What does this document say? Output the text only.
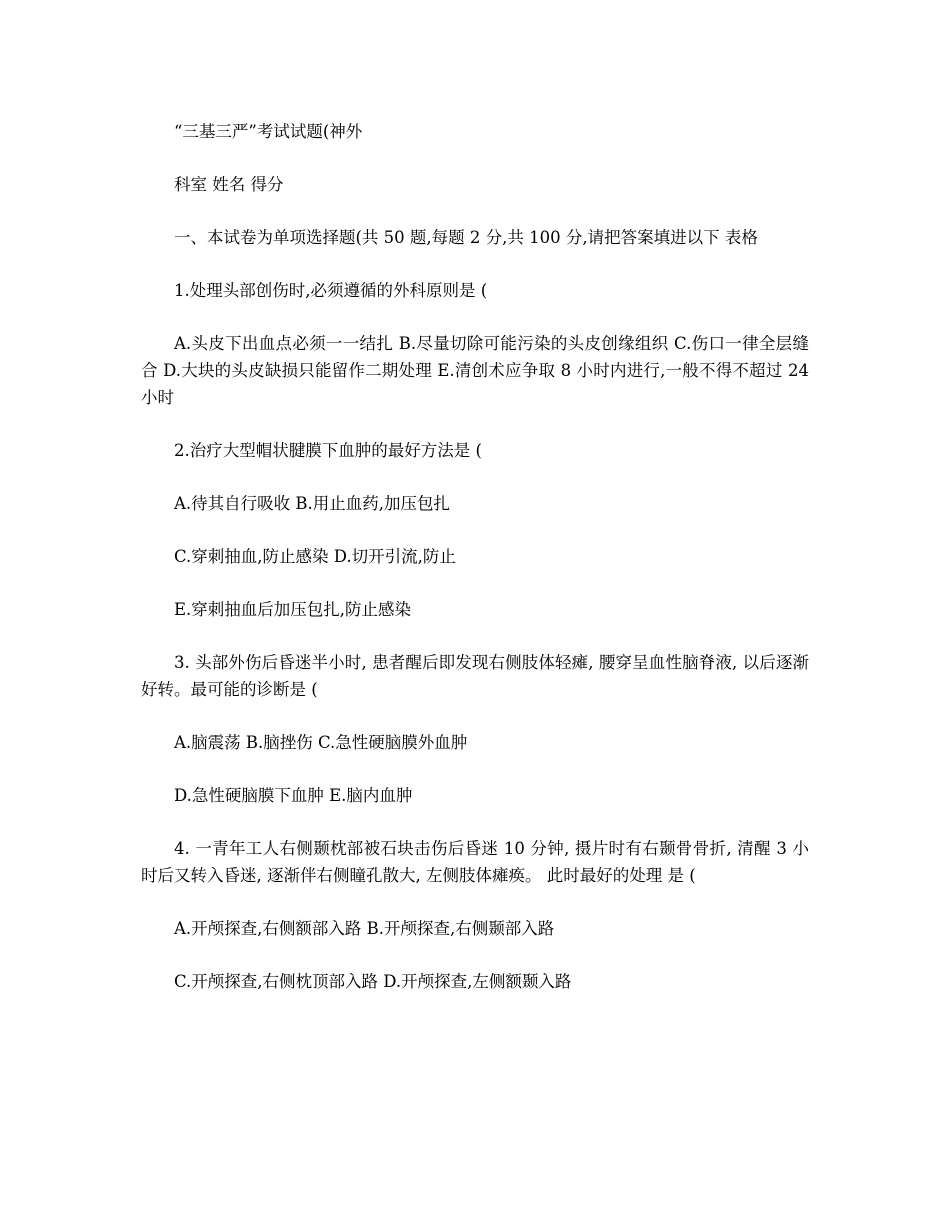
“三基三严”考试试题(神外

科室 姓名 得分

一、本试卷为单项选择题(共 50 题,每题 2 分,共 100 分,请把答案填进以下 表格

1.处理头部创伤时,必须遵循的外科原则是 (

A.头皮下出血点必须一一结扎 B.尽量切除可能污染的头皮创缘组织 C.伤口一律全层缝合 D.大块的头皮缺损只能留作二期处理 E.清创术应争取 8 小时内进行,一般不得不超过 24 小时

2.治疗大型帽状腱膜下血肿的最好方法是 (

A.待其自行吸收 B.用止血药,加压包扎

C.穿刺抽血,防止感染 D.切开引流,防止

E.穿刺抽血后加压包扎,防止感染

3. 头部外伤后昏迷半小时, 患者醒后即发现右侧肢体轻瘫, 腰穿呈血性脑脊液, 以后逐渐好转。最可能的诊断是 (

A.脑震荡 B.脑挫伤 C.急性硬脑膜外血肿

D.急性硬脑膜下血肿 E.脑内血肿

4. 一青年工人右侧颞枕部被石块击伤后昏迷 10 分钟, 摄片时有右颞骨骨折, 清醒 3 小时后又转入昏迷, 逐渐伴右侧瞳孔散大, 左侧肢体瘫痪。 此时最好的处理 是 (

A.开颅探查,右侧额部入路 B.开颅探查,右侧颞部入路

C.开颅探查,右侧枕顶部入路 D.开颅探查,左侧额颞入路
